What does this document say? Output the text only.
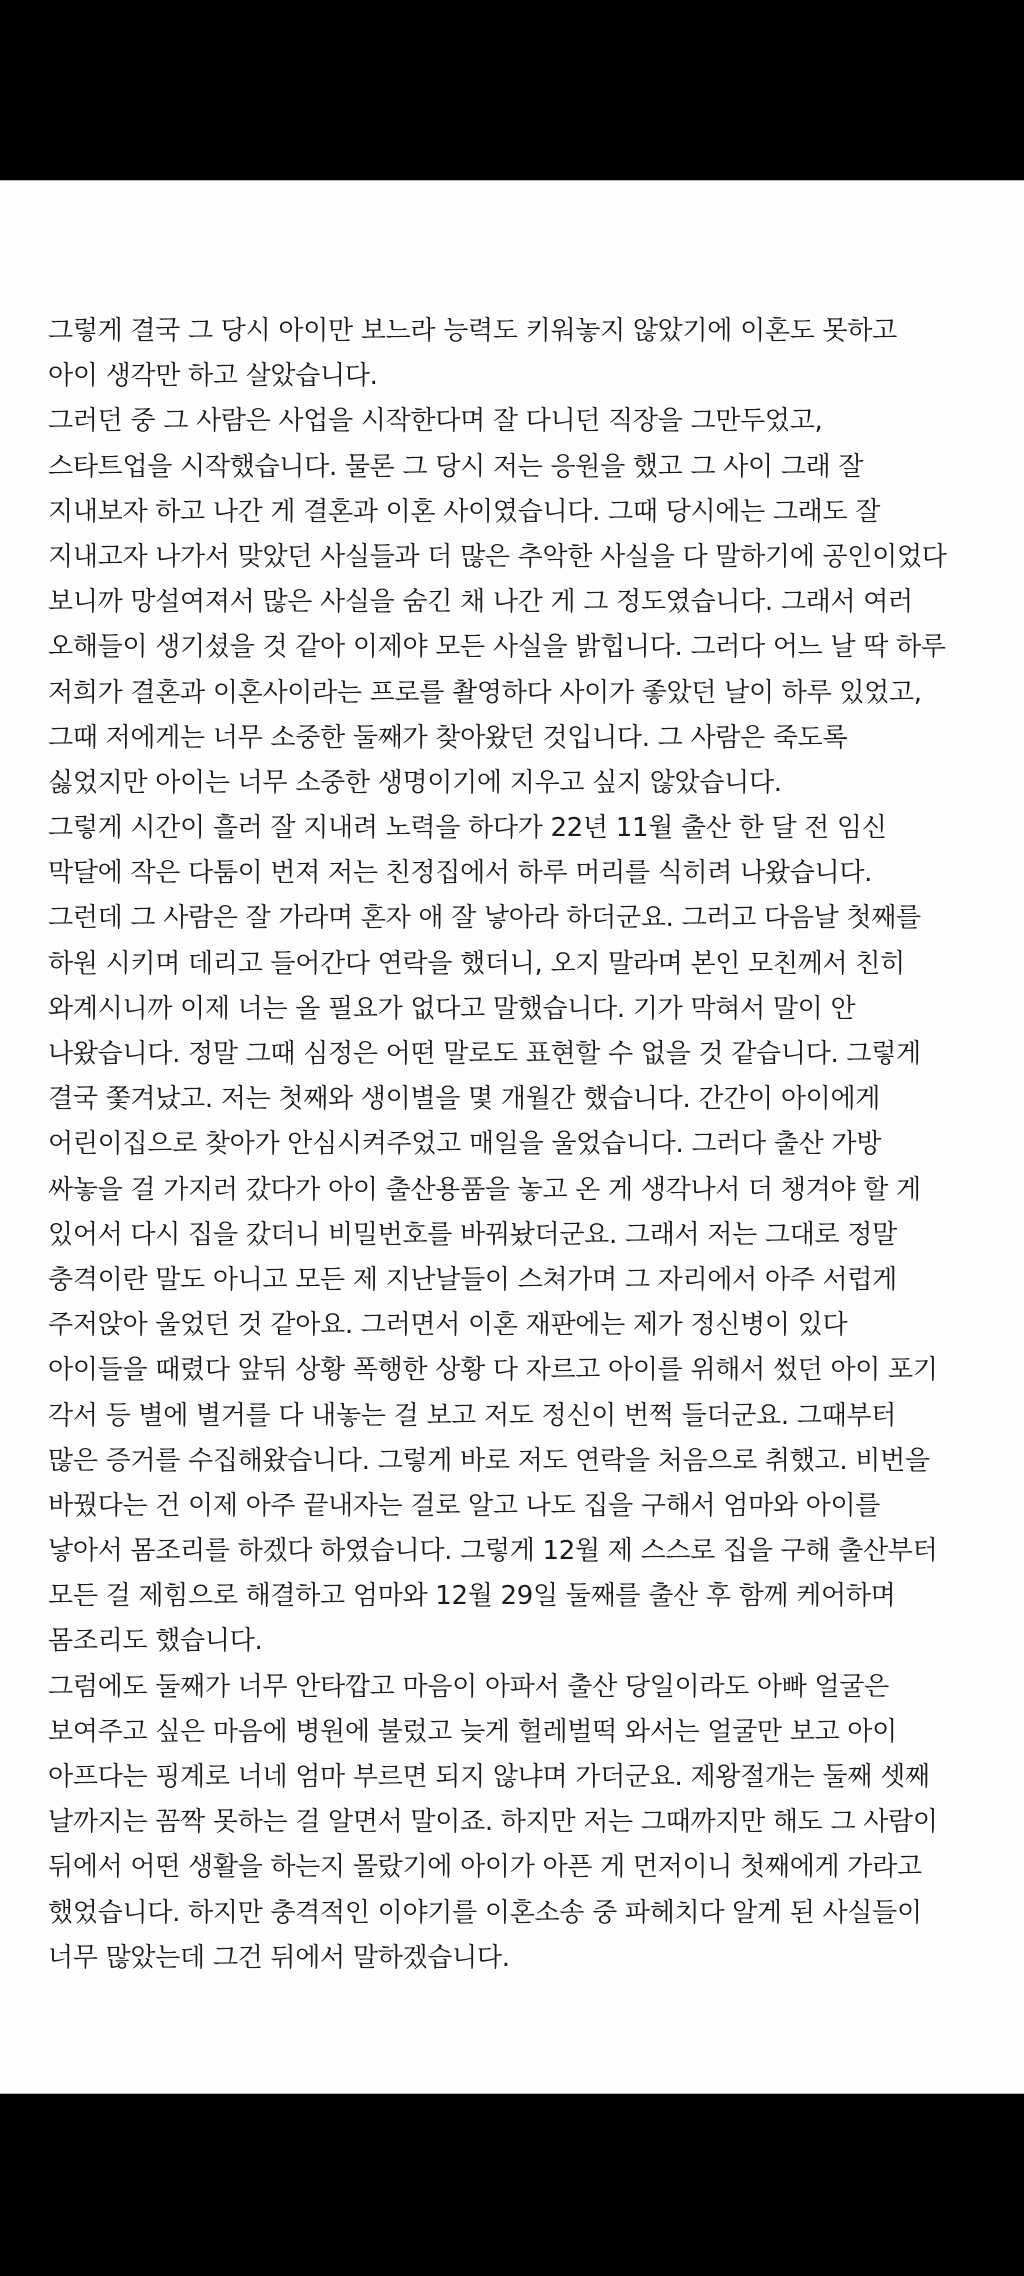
그렇게 결국 그 당시 아이만 보느라 능력도 키워놓지 않았기에 이혼도 못하고
아이 생각만 하고 살았습니다.
그러던 중 그 사람은 사업을 시작한다며 잘 다니던 직장을 그만두었고,
스타트업을 시작했습니다. 물론 그 당시 저는 응원을 했고 그 사이 그래 잘
지내보자 하고 나간 게 결혼과 이혼 사이였습니다. 그때 당시에는 그래도 잘
지내고자 나가서 맞았던 사실들과 더 많은 추악한 사실을 다 말하기에 공인이었다
보니까 망설여져서 많은 사실을 숨긴 채 나간 게 그 정도였습니다. 그래서 여러
오해들이 생기셨을 것 같아 이제야 모든 사실을 밝힙니다. 그러다 어느 날 딱 하루
저희가 결혼과 이혼사이라는 프로를 촬영하다 사이가 좋았던 날이 하루 있었고,
그때 저에게는 너무 소중한 둘째가 찾아왔던 것입니다. 그 사람은 죽도록
싫었지만 아이는 너무 소중한 생명이기에 지우고 싶지 않았습니다.
그렇게 시간이 흘러 잘 지내려 노력을 하다가 22년 11월 출산 한 달 전 임신
막달에 작은 다툼이 번져 저는 친정집에서 하루 머리를 식히려 나왔습니다.
그런데 그 사람은 잘 가라며 혼자 애 잘 낳아라 하더군요. 그러고 다음날 첫째를
하원 시키며 데리고 들어간다 연락을 했더니, 오지 말라며 본인 모친께서 친히
와계시니까 이제 너는 올 필요가 없다고 말했습니다. 기가 막혀서 말이 안
나왔습니다. 정말 그때 심정은 어떤 말로도 표현할 수 없을 것 같습니다. 그렇게
결국 쫓겨났고. 저는 첫째와 생이별을 몇 개월간 했습니다. 간간이 아이에게
어린이집으로 찾아가 안심시켜주었고 매일을 울었습니다. 그러다 출산 가방
싸놓을 걸 가지러 갔다가 아이 출산용품을 놓고 온 게 생각나서 더 챙겨야 할 게
있어서 다시 집을 갔더니 비밀번호를 바꿔놨더군요. 그래서 저는 그대로 정말
충격이란 말도 아니고 모든 제 지난날들이 스쳐가며 그 자리에서 아주 서럽게
주저앉아 울었던 것 같아요. 그러면서 이혼 재판에는 제가 정신병이 있다
아이들을 때렸다 앞뒤 상황 폭행한 상황 다 자르고 아이를 위해서 썼던 아이 포기
각서 등 별에 별거를 다 내놓는 걸 보고 저도 정신이 번쩍 들더군요. 그때부터
많은 증거를 수집해왔습니다. 그렇게 바로 저도 연락을 처음으로 취했고. 비번을
바꿨다는 건 이제 아주 끝내자는 걸로 알고 나도 집을 구해서 엄마와 아이를
낳아서 몸조리를 하겠다 하였습니다. 그렇게 12월 제 스스로 집을 구해 출산부터
모든 걸 제힘으로 해결하고 엄마와 12월 29일 둘째를 출산 후 함께 케어하며
몸조리도 했습니다.
그럼에도 둘째가 너무 안타깝고 마음이 아파서 출산 당일이라도 아빠 얼굴은
보여주고 싶은 마음에 병원에 불렀고 늦게 헐레벌떡 와서는 얼굴만 보고 아이
아프다는 핑계로 너네 엄마 부르면 되지 않냐며 가더군요. 제왕절개는 둘째 셋째
날까지는 꼼짝 못하는 걸 알면서 말이죠. 하지만 저는 그때까지만 해도 그 사람이
뒤에서 어떤 생활을 하는지 몰랐기에 아이가 아픈 게 먼저이니 첫째에게 가라고
했었습니다. 하지만 충격적인 이야기를 이혼소송 중 파헤치다 알게 된 사실들이
너무 많았는데 그건 뒤에서 말하겠습니다.
